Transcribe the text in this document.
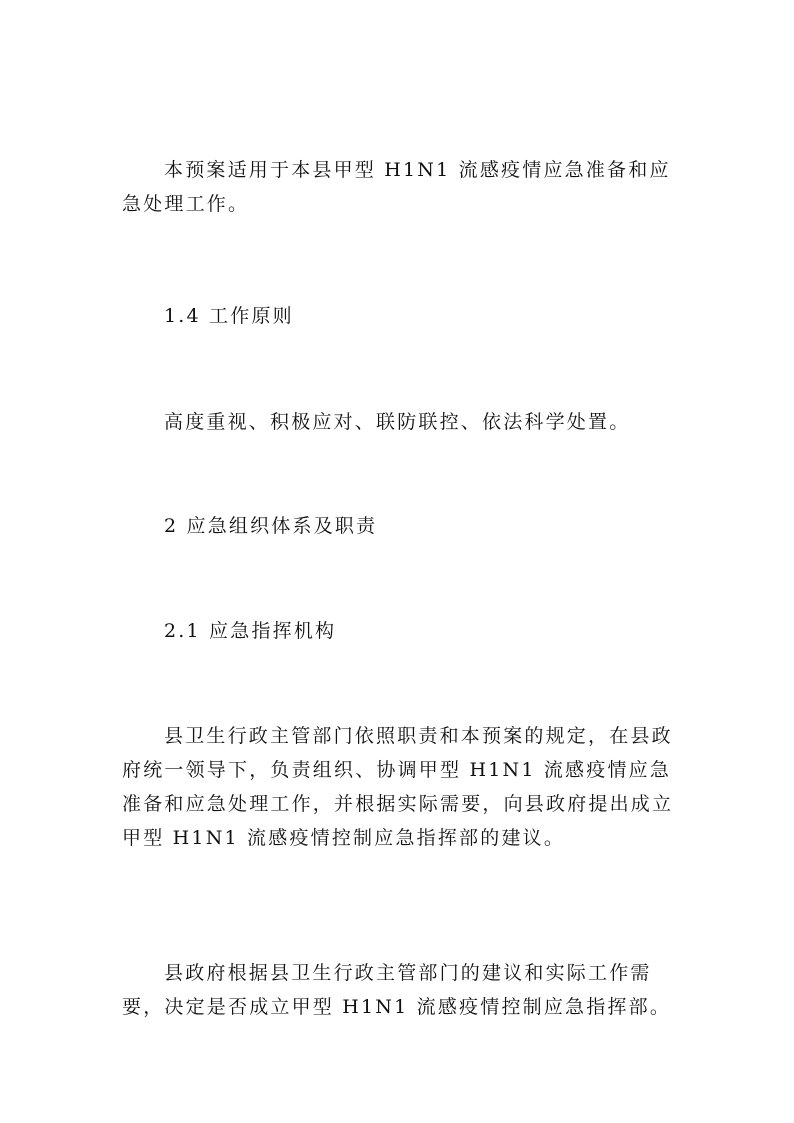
本预案适用于本县甲型 H1N1 流感疫情应急准备和应急处理工作。

1.4 工作原则

高度重视、积极应对、联防联控、依法科学处置。

2 应急组织体系及职责

2.1 应急指挥机构

县卫生行政主管部门依照职责和本预案的规定，在县政府统一领导下，负责组织、协调甲型 H1N1 流感疫情应急准备和应急处理工作，并根据实际需要，向县政府提出成立甲型 H1N1 流感疫情控制应急指挥部的建议。

县政府根据县卫生行政主管部门的建议和实际工作需要，决定是否成立甲型 H1N1 流感疫情控制应急指挥部。
